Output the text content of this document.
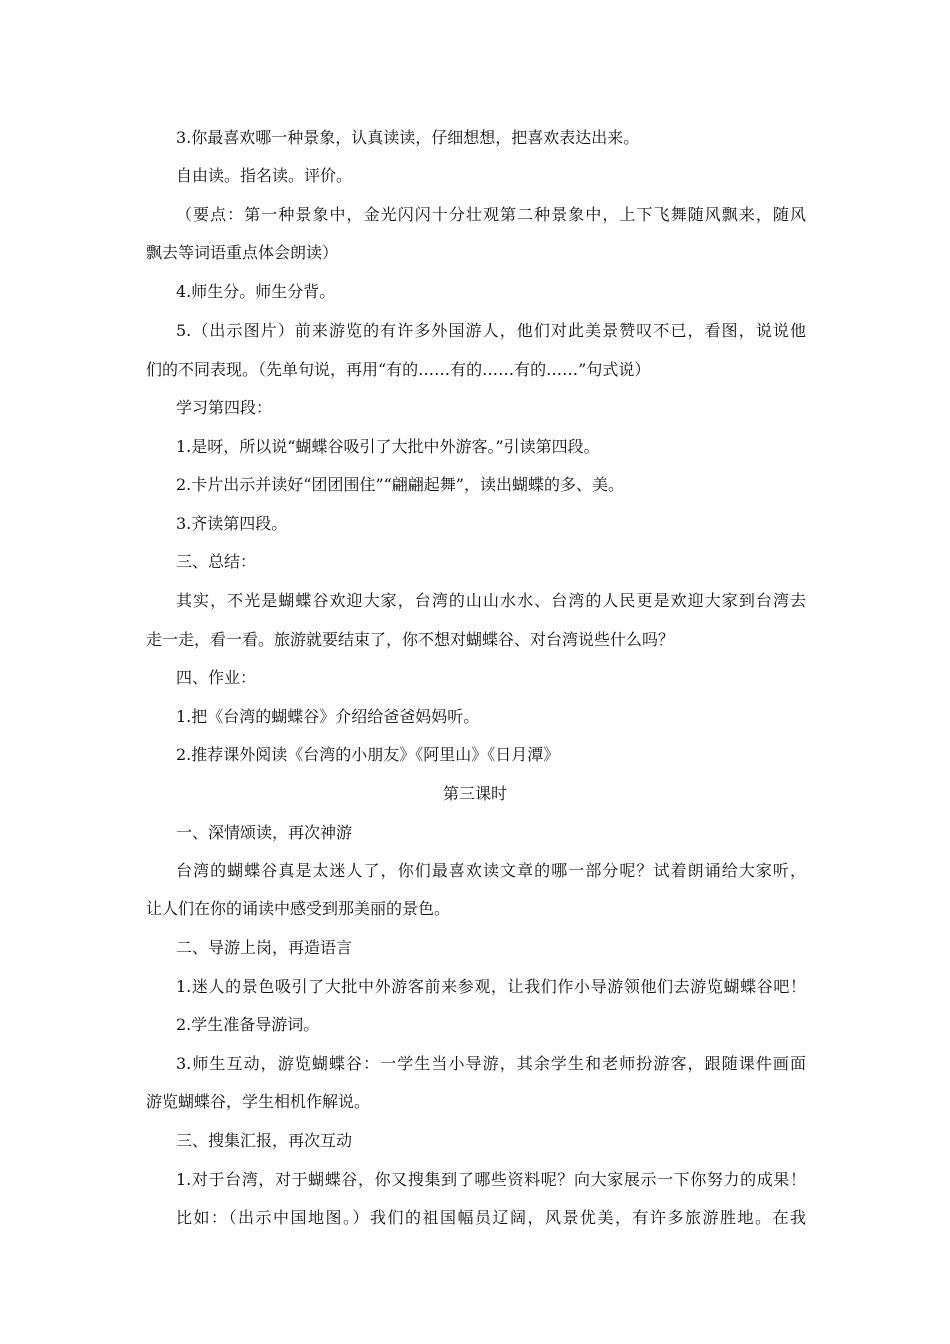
3.你最喜欢哪一种景象，认真读读，仔细想想，把喜欢表达出来。
自由读。指名读。评价。
（要点：第一种景象中，金光闪闪十分壮观第二种景象中，上下飞舞随风飘来，随风
飘去等词语重点体会朗读）
4.师生分。师生分背。
5.（出示图片）前来游览的有许多外国游人，他们对此美景赞叹不已，看图，说说他
们的不同表现。（先单句说，再用“有的……有的……有的……”句式说）
学习第四段：
1.是呀，所以说“蝴蝶谷吸引了大批中外游客。”引读第四段。
2.卡片出示并读好“团团围住”“翩翩起舞”，读出蝴蝶的多、美。
3.齐读第四段。
三、总结：
其实，不光是蝴蝶谷欢迎大家，台湾的山山水水、台湾的人民更是欢迎大家到台湾去
走一走，看一看。旅游就要结束了，你不想对蝴蝶谷、对台湾说些什么吗？
四、作业：
1.把《台湾的蝴蝶谷》介绍给爸爸妈妈听。
2.推荐课外阅读《台湾的小朋友》《阿里山》《日月潭》
第三课时
一、深情颂读，再次神游
台湾的蝴蝶谷真是太迷人了，你们最喜欢读文章的哪一部分呢？试着朗诵给大家听，
让人们在你的诵读中感受到那美丽的景色。
二、导游上岗，再造语言
1.迷人的景色吸引了大批中外游客前来参观，让我们作小导游领他们去游览蝴蝶谷吧！
2.学生准备导游词。
3.师生互动，游览蝴蝶谷：一学生当小导游，其余学生和老师扮游客，跟随课件画面
游览蝴蝶谷，学生相机作解说。
三、搜集汇报，再次互动
1.对于台湾，对于蝴蝶谷，你又搜集到了哪些资料呢？向大家展示一下你努力的成果！
比如：（出示中国地图。）我们的祖国幅员辽阔，风景优美，有许多旅游胜地。在我
